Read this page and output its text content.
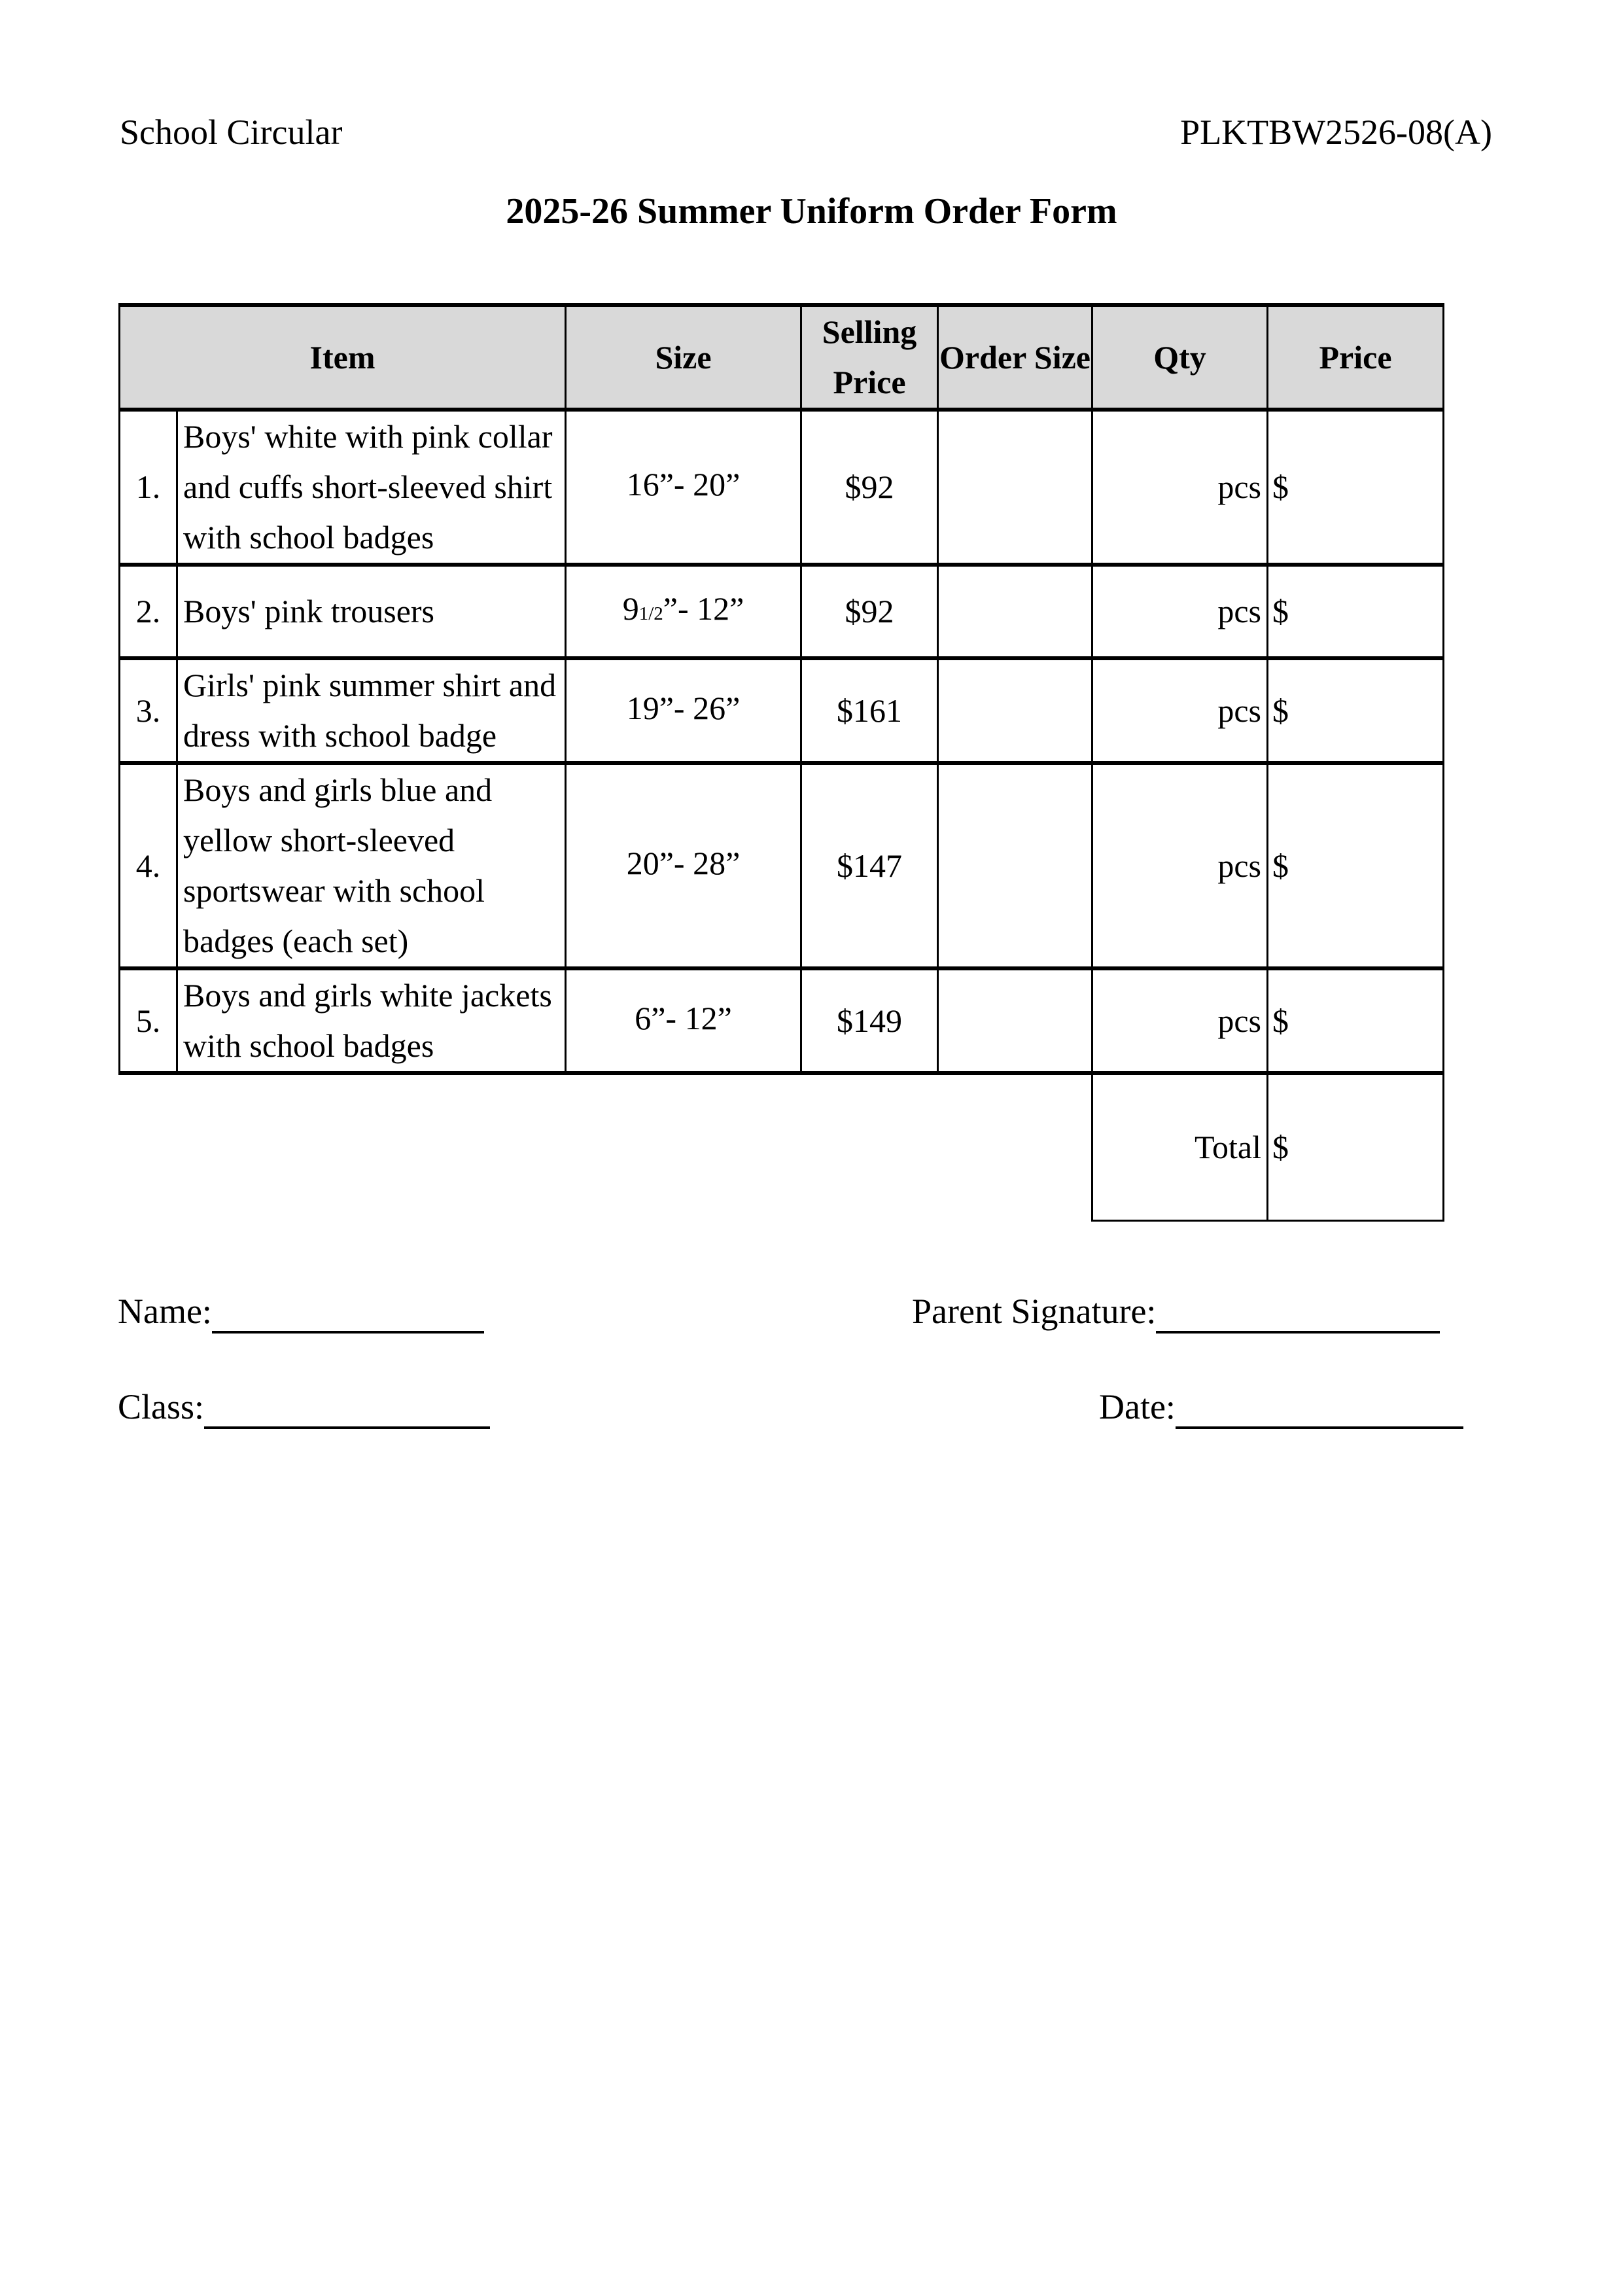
School Circular	PLKTBW2526-08(A)
2025-26 Summer Uniform Order Form
Item		Size	Selling Price	Order Size	Qty	Price
1.	Boys' white with pink collar and cuffs short-sleeved shirt with school badges	16”- 20”	$92		pcs	$
2.	Boys' pink trousers	91/2”- 12”	$92		pcs	$
3.	Girls' pink summer shirt and dress with school badge	19”- 26”	$161		pcs	$
4.	Boys and girls blue and yellow short-sleeved sportswear with school badges (each set)	20”- 28”	$147		pcs	$
5.	Boys and girls white jackets with school badges	6”- 12”	$149		pcs	$
					Total	$
Name:	Parent Signature:
Class:	Date:
